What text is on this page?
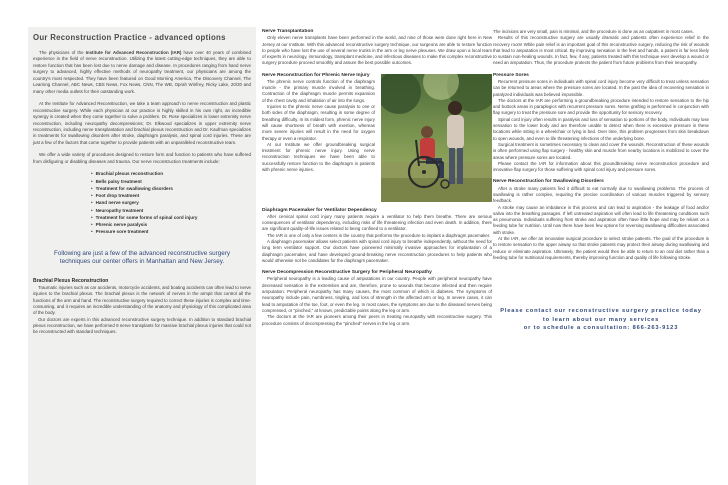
Our Reconstruction Practice - advanced options

The physicians of the Institute for Advanced Reconstruction (IAR) have over 40 years of combined experience in the field of nerve reconstruction. Utilizing the latest cutting-edge techniques, they are able to restore function that has been lost due to nerve damage and disease. In procedures ranging from hand nerve surgery to advanced, highly effective methods of neuropathy treatment, our physicians are among the country's most respected. They have been featured on Good Morning America, The Discovery Channel, The Learning Channel, ABC News, CBS News, Fox News, CNN, The WB, Oprah Winfrey, Ricky Lake, 20/20 and many other media outlets for their outstanding work.

At the Institute for Advanced Reconstruction, we take a team approach to nerve reconstruction and plastic reconstructive surgery. While each physician at our practice is highly skilled in his own right, an incredible synergy is created when they come together to solve a problem. Dr. Rose specializes in lower extremity nerve reconstruction, including neuropathy decompressions; Dr. Elkwood specializes in upper extremity nerve reconstruction, including nerve transplantation and brachial plexus reconstruction and Dr. Kaufman specializes in treatments for swallowing disorders after stroke, diaphragm paralysis, and spinal cord injuries. These are just a few of the factors that come together to provide patients with an unparalleled reconstructive team.

We offer a wide variety of procedures designed to restore form and function to patients who have suffered from disfiguring or disabling diseases and trauma. Our nerve reconstruction treatments include:

• Brachial plexus reconstruction
• Bells palsy treatment
• Treatment for swallowing disorders
• Foot drop treatment
• Hand nerve surgery
• Neuropathy treatment
• Treatment for some forms of spinal cord injury
• Phrenic nerve paralysis
• Pressure sore treatment

Following are just a few of the advanced reconstructive surgery techniques our center offers in Manhattan and New Jersey.

Brachial Plexus Reconstruction

Traumatic injuries such as car accidents, motorcycle accidents, and boating accidents can often lead to nerve injuries to the brachial plexus. The brachial plexus is the network of nerves in the armpit that control all the functions of the arm and hand. The reconstructive surgery required to correct these injuries is complex and time-consuming, and it requires an incredible understanding of the anatomy and physiology of this complicated area of the body.

Our doctors are experts in this advanced reconstructive surgery technique. In addition to standard brachial plexus reconstruction, we have performed 9 nerve transplants for massive brachial plexus injuries that could not be reconstructed with standard techniques.

Nerve Transplantation

Only eleven nerve transplants have been performed in the world, and nine of those were done right here in New Jersey at our Institute. With this advanced reconstructive surgery technique, our surgeons are able to restore function to people who have lost the use of several nerve trunks in the arm or leg nerve plexuses. We draw upon a local team of experts in neurology, immunology, transplant medicine, and infectious diseases to make this complex reconstructive surgery procedure proceed smoothly and assure the best possible outcomes.

Nerve Reconstruction for Phrenic Nerve Injury

The phrenic nerve controls function of the diaphragm muscle - the primary muscle involved in breathing. Contraction of the diaphragm muscle permits expansion of the chest cavity and inhalation of air into the lungs.

Injuries to the phrenic nerve cause paralysis to one or both sides of the diaphragm, resulting in some degree of breathing difficulty. In its mildest form, phrenic nerve injury will cause shortness of breath with exertion, whereas more severe injuries will result in the need for oxygen therapy or even a respirator.

At our Institute we offer groundbreaking surgical treatment for phrenic nerve injury. Using nerve reconstruction techniques we have been able to successfully restore function to the diaphragm in patients with phrenic nerve injuries.

Diaphragm Pacemaker for Ventilator Dependency

After cervical spinal cord injury many patients require a ventilator to help them breathe. There are serious consequences of ventilator dependency, including risks of life threatening infection and even death. In addition, there are significant quality-of-life issues related to being confined to a ventilator.

The IAR is one of only a few centers in the country that performs the procedure to implant a diaphragm pacemaker.

A diaphragm pacemaker allows select patients with spinal cord injury to breathe independently, without the need for long term ventilator support. Our doctors have pioneered minimally invasive approaches for implantation of a diaphragm pacemaker, and have developed ground-breaking nerve reconstruction procedures to help patients who would otherwise not be candidates for the diaphragm pacemaker.

Nerve Decompression Reconstructive Surgery for Peripheral Neuropathy

Peripheral neuropathy is a leading cause of amputations in our country. People with peripheral neuropathy have decreased sensation in the extremities and are, therefore, prone to wounds that become infected and then require amputation. Peripheral neuropathy has many causes, the most common of which is diabetes. The symptoms of neuropathy include pain, numbness, tingling, and loss of strength in the affected arm or leg. In severe cases, it can lead to amputation of the toe, foot, or even the leg. In most cases, the symptoms are due to the diseased nerves being compressed, or "pinched," at known, predictable points along the leg or arm.

The doctors at the IAR are pioneers among their peers in treating neuropathy with reconstructive surgery. This procedure consists of decompressing the "pinched" nerves in the leg or arm.

The incisions are very small, pain is minimal, and the procedure is done as an outpatient in most cases.

Results of this reconstructive surgery are usually dramatic and patients often experience relief in the recovery room! While pain relief is an important goal of this reconstructive surgery, reducing the risk of wounds that lead to amputation is most critical. By improving sensation in the feet and hands, a patient is far less likely to sustain non-healing wounds. In fact, few, if any, patients treated with this technique ever develop a wound or need an amputation. Thus, the procedure protects the patient from future problems from their neuropathy.

Pressure Sores

Recurrent pressure sores in individuals with spinal cord injury become very difficult to treat unless sensation can be returned to areas where the pressure sores are located. In the past the idea of recovering sensation in paralyzed individuals was believed impossible.

The doctors at the IAR are performing a groundbreaking procedure intended to restore sensation to the hip and buttock areas in paraplegics with recurrent pressure sores. Nerve grafting is performed in conjunction with flap surgery to treat the pressure sore and provide the opportunity for sensory recovery.

Spinal cord injury often results in paralysis and loss of sensation to portions of the body. Individuals may lose sensation to the lower body and are therefore unable to detect when there is excessive pressure in these locations while sitting in a wheelchair or lying in bed. Over time, this problem progresses from skin breakdown to open wounds, and even to life threatening infections of the underlying bone.

Surgical treatment is sometimes necessary to clean and cover the wounds. Reconstruction of these wounds is often performed using flap surgery - healthy skin and muscle from nearby locations is mobilized to cover the areas where pressure sores are located.

Please contact the IAR for information about this groundbreaking nerve reconstruction procedure and innovative flap surgery for those suffering with spinal cord injury and pressure sores.

Nerve Reconstruction for Swallowing Disorders

After a stroke many patients find it difficult to eat normally due to swallowing problems. The process of swallowing is rather complex, requiring the precise coordination of various muscles triggered by sensory feedback.

A stroke may cause an imbalance in this process and can lead to aspiration - the leakage of food and/or saliva into the breathing passages. If left untreated aspiration will often lead to life threatening conditions such as pneumonia. Individuals suffering from stroke and aspiration often have little hope and may be reliant on a feeding tube for nutrition. Until now there have been few options for reversing swallowing difficulties associated with stroke.

At the IAR, we offer an innovative surgical procedure to select stroke patients. The goal of the procedure is to restore sensation to the upper airway so that stroke patients may protect their airway during swallowing and reduce or eliminate aspiration. Ultimately, the patient would then be able to return to an oral diet rather than a feeding tube for nutritional requirements, thereby improving function and quality of life following stroke.

Please contact our reconstructive surgery practice today
to learn about our many services
or to schedule a consultation: 866-263-9123
